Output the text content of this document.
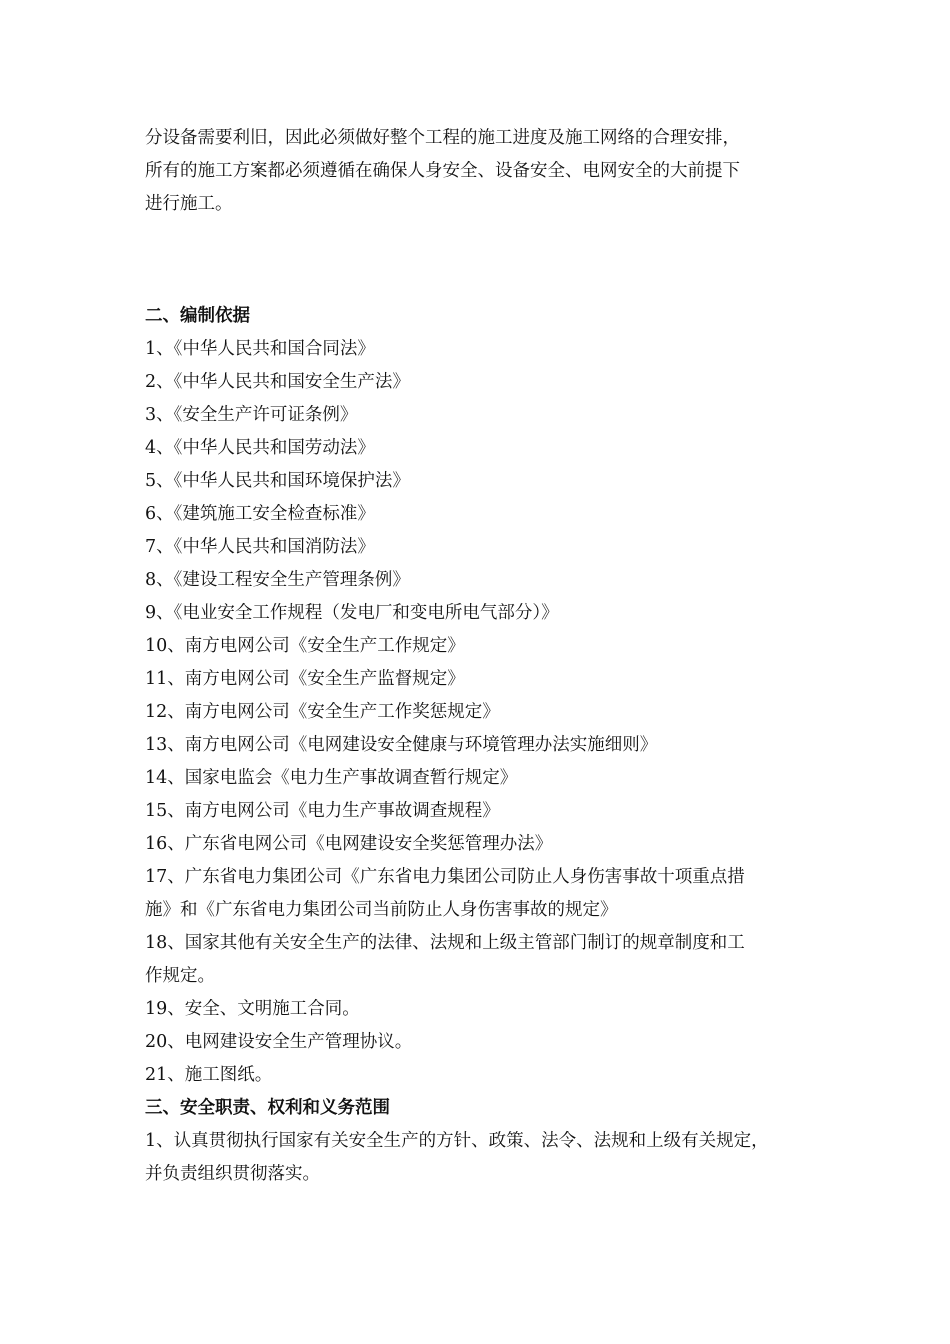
分设备需要利旧，因此必须做好整个工程的施工进度及施工网络的合理安排，
所有的施工方案都必须遵循在确保人身安全、设备安全、电网安全的大前提下
进行施工。
二、编制依据
1、《中华人民共和国合同法》
2、《中华人民共和国安全生产法》
3、《安全生产许可证条例》
4、《中华人民共和国劳动法》
5、《中华人民共和国环境保护法》
6、《建筑施工安全检查标准》
7、《中华人民共和国消防法》
8、《建设工程安全生产管理条例》
9、《电业安全工作规程（发电厂和变电所电气部分）》
10、南方电网公司《安全生产工作规定》
11、南方电网公司《安全生产监督规定》
12、南方电网公司《安全生产工作奖惩规定》
13、南方电网公司《电网建设安全健康与环境管理办法实施细则》
14、国家电监会《电力生产事故调查暂行规定》
15、南方电网公司《电力生产事故调查规程》
16、广东省电网公司《电网建设安全奖惩管理办法》
17、广东省电力集团公司《广东省电力集团公司防止人身伤害事故十项重点措
施》和《广东省电力集团公司当前防止人身伤害事故的规定》
18、国家其他有关安全生产的法律、法规和上级主管部门制订的规章制度和工
作规定。
19、安全、文明施工合同。
20、电网建设安全生产管理协议。
21、施工图纸。
三、安全职责、权利和义务范围
1、认真贯彻执行国家有关安全生产的方针、政策、法令、法规和上级有关规定，
并负责组织贯彻落实。
